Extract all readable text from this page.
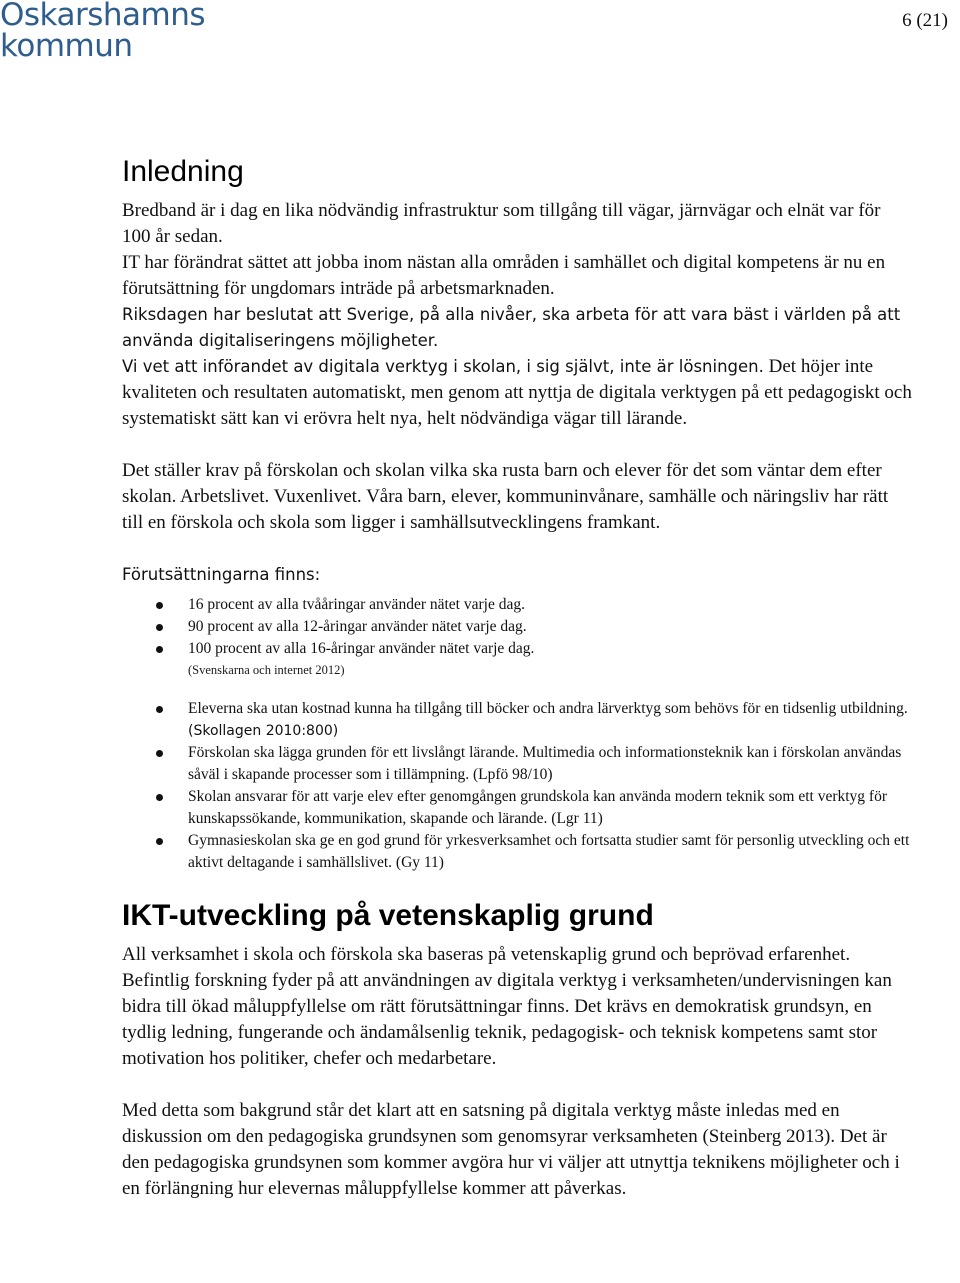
Oskarshamns
kommun
6 (21)
Inledning

Bredband är i dag en lika nödvändig infrastruktur som tillgång till vägar, järnvägar och elnät var för 100 år sedan.

IT har förändrat sättet att jobba inom nästan alla områden i samhället och digital kompetens är nu en förutsättning för ungdomars inträde på arbetsmarknaden.

Riksdagen har beslutat att Sverige, på alla nivåer, ska arbeta för att vara bäst i världen på att använda digitaliseringens möjligheter.

Vi vet att införandet av digitala verktyg i skolan, i sig självt, inte är lösningen. Det höjer inte kvaliteten och resultaten automatiskt, men genom att nyttja de digitala verktygen på ett pedagogiskt och systematiskt sätt kan vi erövra helt nya, helt nödvändiga vägar till lärande.

Det ställer krav på förskolan och skolan vilka ska rusta barn och elever för det som väntar dem efter skolan. Arbetslivet. Vuxenlivet. Våra barn, elever, kommuninvånare, samhälle och näringsliv har rätt till en förskola och skola som ligger i samhällsutvecklingens framkant.

Förutsättningarna finns:

16 procent av alla tvååringar använder nätet varje dag.
90 procent av alla 12-åringar använder nätet varje dag.
100 procent av alla 16-åringar använder nätet varje dag.
(Svenskarna och internet 2012)
Eleverna ska utan kostnad kunna ha tillgång till böcker och andra lärverktyg som behövs för en tidsenlig utbildning. (Skollagen 2010:800)
Förskolan ska lägga grunden för ett livslångt lärande. Multimedia och informationsteknik kan i förskolan användas såväl i skapande processer som i tillämpning. (Lpfö 98/10)
Skolan ansvarar för att varje elev efter genomgången grundskola kan använda modern teknik som ett verktyg för kunskapssökande, kommunikation, skapande och lärande. (Lgr 11)
Gymnasieskolan ska ge en god grund för yrkesverksamhet och fortsatta studier samt för personlig utveckling och ett aktivt deltagande i samhällslivet. (Gy 11)
IKT-utveckling på vetenskaplig grund

All verksamhet i skola och förskola ska baseras på vetenskaplig grund och beprövad erfarenhet. Befintlig forskning fyder på att användningen av digitala verktyg i verksamheten/undervisningen kan bidra till ökad måluppfyllelse om rätt förutsättningar finns. Det krävs en demokratisk grundsyn, en tydlig ledning, fungerande och ändamålsenlig teknik, pedagogisk- och teknisk kompetens samt stor motivation hos politiker, chefer och medarbetare.

Med detta som bakgrund står det klart att en satsning på digitala verktyg måste inledas med en diskussion om den pedagogiska grundsynen som genomsyrar verksamheten (Steinberg 2013). Det är den pedagogiska grundsynen som kommer avgöra hur vi väljer att utnyttja teknikens möjligheter och i en förlängning hur elevernas måluppfyllelse kommer att påverkas.
